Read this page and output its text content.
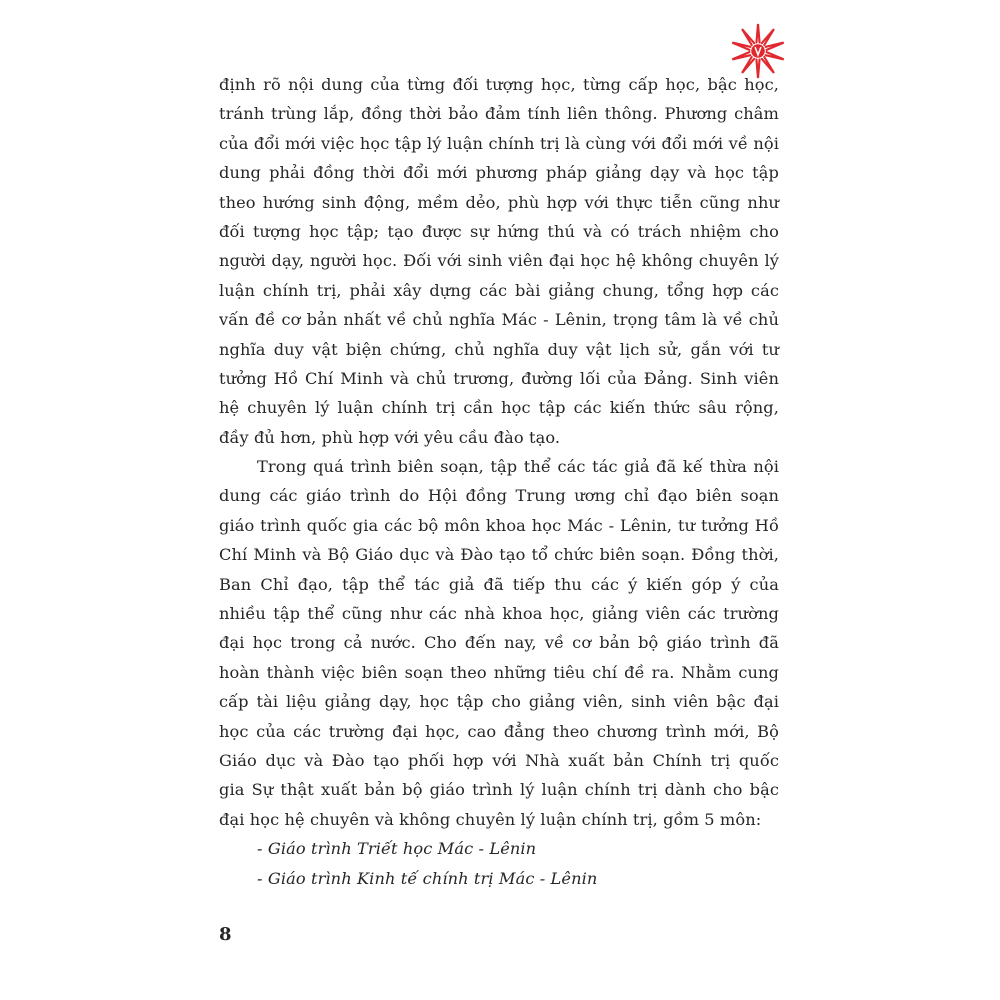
định rõ nội dung của từng đối tượng học, từng cấp học, bậc học,
tránh trùng lắp, đồng thời bảo đảm tính liên thông. Phương châm
của đổi mới việc học tập lý luận chính trị là cùng với đổi mới về nội
dung phải đồng thời đổi mới phương pháp giảng dạy và học tập
theo hướng sinh động, mềm dẻo, phù hợp với thực tiễn cũng như
đối tượng học tập; tạo được sự hứng thú và có trách nhiệm cho
người dạy, người học. Đối với sinh viên đại học hệ không chuyên lý
luận chính trị, phải xây dựng các bài giảng chung, tổng hợp các
vấn đề cơ bản nhất về chủ nghĩa Mác - Lênin, trọng tâm là về chủ
nghĩa duy vật biện chứng, chủ nghĩa duy vật lịch sử, gắn với tư
tưởng Hồ Chí Minh và chủ trương, đường lối của Đảng. Sinh viên
hệ chuyên lý luận chính trị cần học tập các kiến thức sâu rộng,
đầy đủ hơn, phù hợp với yêu cầu đào tạo.
Trong quá trình biên soạn, tập thể các tác giả đã kế thừa nội
dung các giáo trình do Hội đồng Trung ương chỉ đạo biên soạn
giáo trình quốc gia các bộ môn khoa học Mác - Lênin, tư tưởng Hồ
Chí Minh và Bộ Giáo dục và Đào tạo tổ chức biên soạn. Đồng thời,
Ban Chỉ đạo, tập thể tác giả đã tiếp thu các ý kiến góp ý của
nhiều tập thể cũng như các nhà khoa học, giảng viên các trường
đại học trong cả nước. Cho đến nay, về cơ bản bộ giáo trình đã
hoàn thành việc biên soạn theo những tiêu chí đề ra. Nhằm cung
cấp tài liệu giảng dạy, học tập cho giảng viên, sinh viên bậc đại
học của các trường đại học, cao đẳng theo chương trình mới, Bộ
Giáo dục và Đào tạo phối hợp với Nhà xuất bản Chính trị quốc
gia Sự thật xuất bản bộ giáo trình lý luận chính trị dành cho bậc
đại học hệ chuyên và không chuyên lý luận chính trị, gồm 5 môn:
- Giáo trình Triết học Mác - Lênin
- Giáo trình Kinh tế chính trị Mác - Lênin
8
